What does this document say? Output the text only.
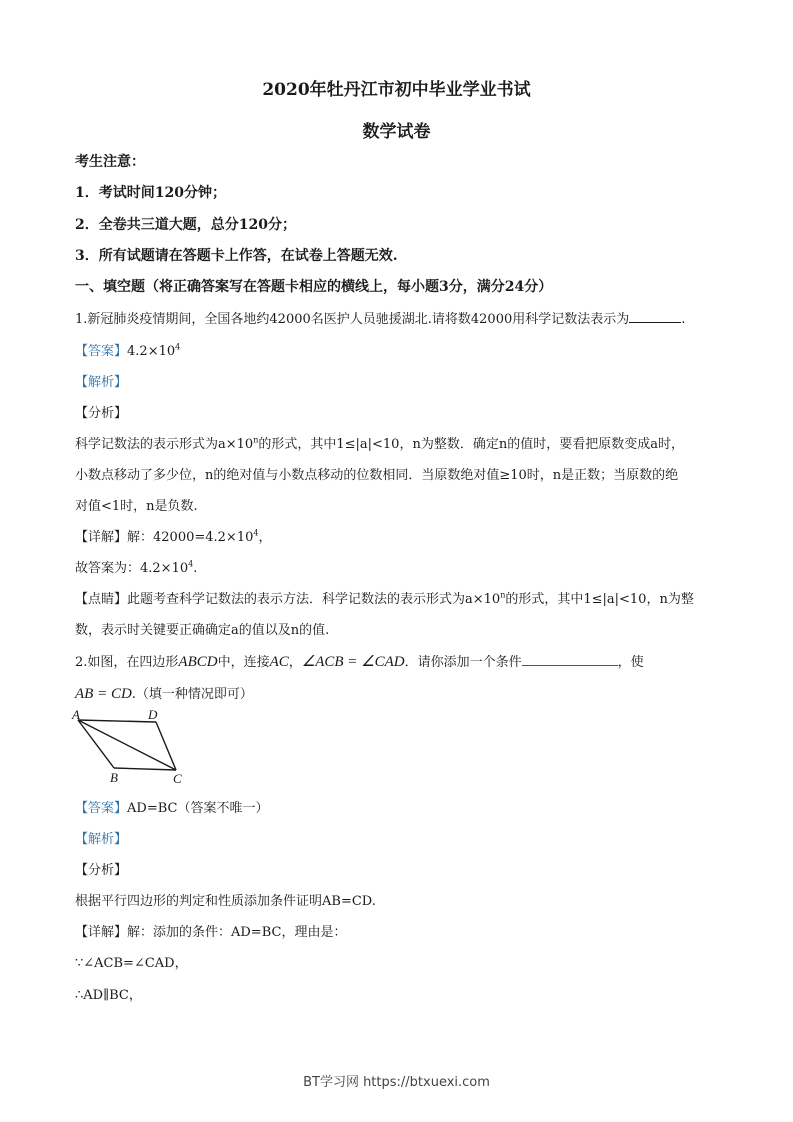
2020年牡丹江市初中毕业学业书试
数学试卷
考生注意：
1．考试时间120分钟；
2．全卷共三道大题，总分120分；
3．所有试题请在答题卡上作答，在试卷上答题无效.
一、填空题（将正确答案写在答题卡相应的横线上，每小题3分，满分24分）
1.新冠肺炎疫情期间，全国各地约42000名医护人员驰援湖北.请将数42000用科学记数法表示为	.
【答案】$4.2\times 10^4$
【解析】
【分析】
科学记数法的表示形式为$a\times 10^n$的形式，其中1≤|a|<10，n为整数．确定n的值时，要看把原数变成a时，
小数点移动了多少位，n的绝对值与小数点移动的位数相同．当原数绝对值≥10时，n是正数；当原数的绝
对值<1时，n是负数.
【详解】解：$42000=4.2\times 10^4$，
故答案为：$4.2\times 10^4$.
【点睛】此题考查科学记数法的表示方法．科学记数法的表示形式为$a\times 10^n$的形式，其中1≤|a|<10，n为整
数，表示时关键要正确确定a的值以及n的值.
2.如图，在四边形ABCD中，连接AC，∠ACB = ∠CAD．请你添加一个条件	，使
AB = CD.（填一种情况即可）
A	D
B	C
【答案】AD=BC（答案不唯一）
【解析】
【分析】
根据平行四边形的判定和性质添加条件证明AB=CD.
【详解】解：添加的条件：AD=BC，理由是：
∵∠ACB=∠CAD，
∴AD∥BC，
BT学习网 https://btxuexi.com
